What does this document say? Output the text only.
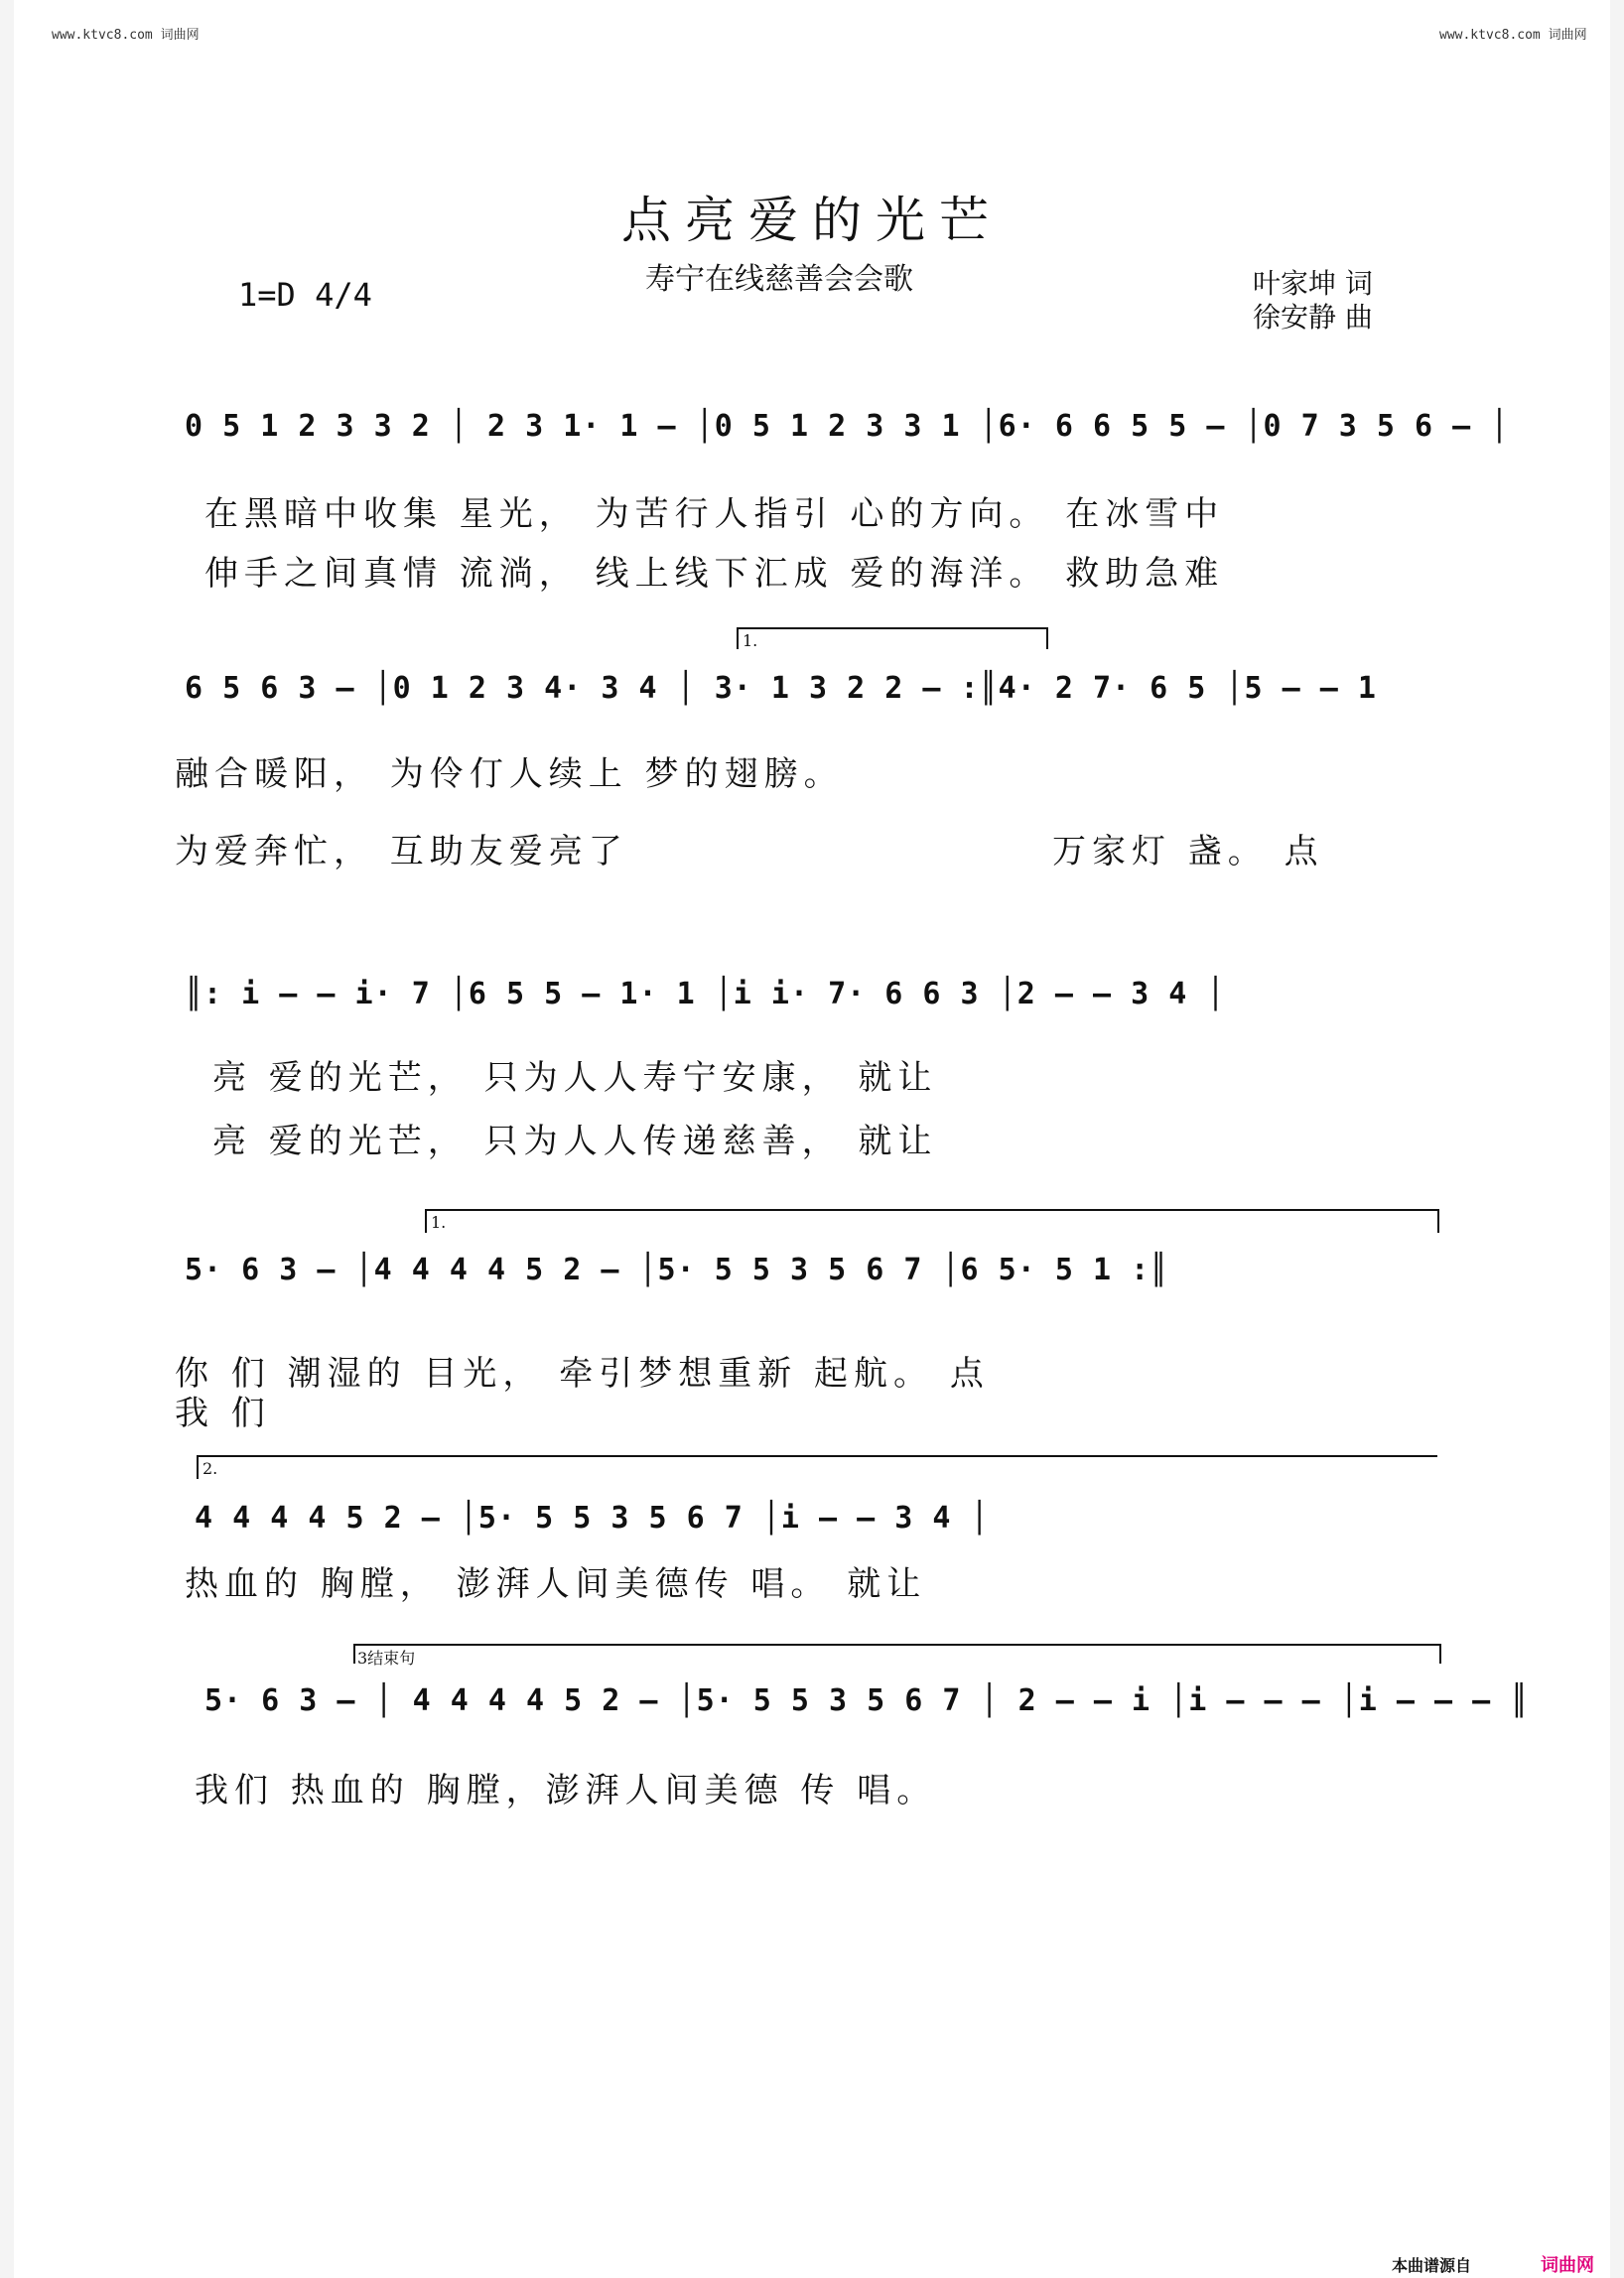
www.ktvc8.com 词曲网	www.ktvc8.com 词曲网
点亮爱的光芒
寿宁在线慈善会会歌
1=D 4/4	叶家坤 词
徐安静 曲
0 5 1 2 3 3 2 │ 2 3 1· 1 – │0 5 1 2 3 3 1 │6· 6 6 5 5 – │0 7 3 5 6 – │
在黑暗中收集 星光， 为苦行人指引 心的方向。 在冰雪中
伸手之间真情 流淌， 线上线下汇成 爱的海洋。 救助急难
1.
6 5 6 3 – │0 1 2 3 4· 3 4 │ 3· 1 3 2 2 – :║4· 2 7· 6 5 │5 – – 1
融合暖阳， 为伶仃人续上 梦的翅膀。
为爱奔忙， 互助友爱亮了	万家灯 盏。 点
║: i – – i· 7 │6 5 5 – 1· 1 │i i· 7· 6 6 3 │2 – – 3 4 │
亮 爱的光芒， 只为人人寿宁安康， 就让
亮 爱的光芒， 只为人人传递慈善， 就让
1.
5· 6 3 – │4 4 4 4 5 2 – │5· 5 5 3 5 6 7 │6 5· 5 1 :║
你 们 潮湿的 目光， 牵引梦想重新 起航。 点
我 们
2.
4 4 4 4 5 2 – │5· 5 5 3 5 6 7 │i – – 3 4 │
热血的 胸膛， 澎湃人间美德传 唱。 就让
3结束句
5· 6 3 – │ 4 4 4 4 5 2 – │5· 5 5 3 5 6 7 │ 2 – – i │i – – – │i – – – ║
我们 热血的 胸膛，澎湃人间美德 传 唱。
本曲谱源自	词曲网
